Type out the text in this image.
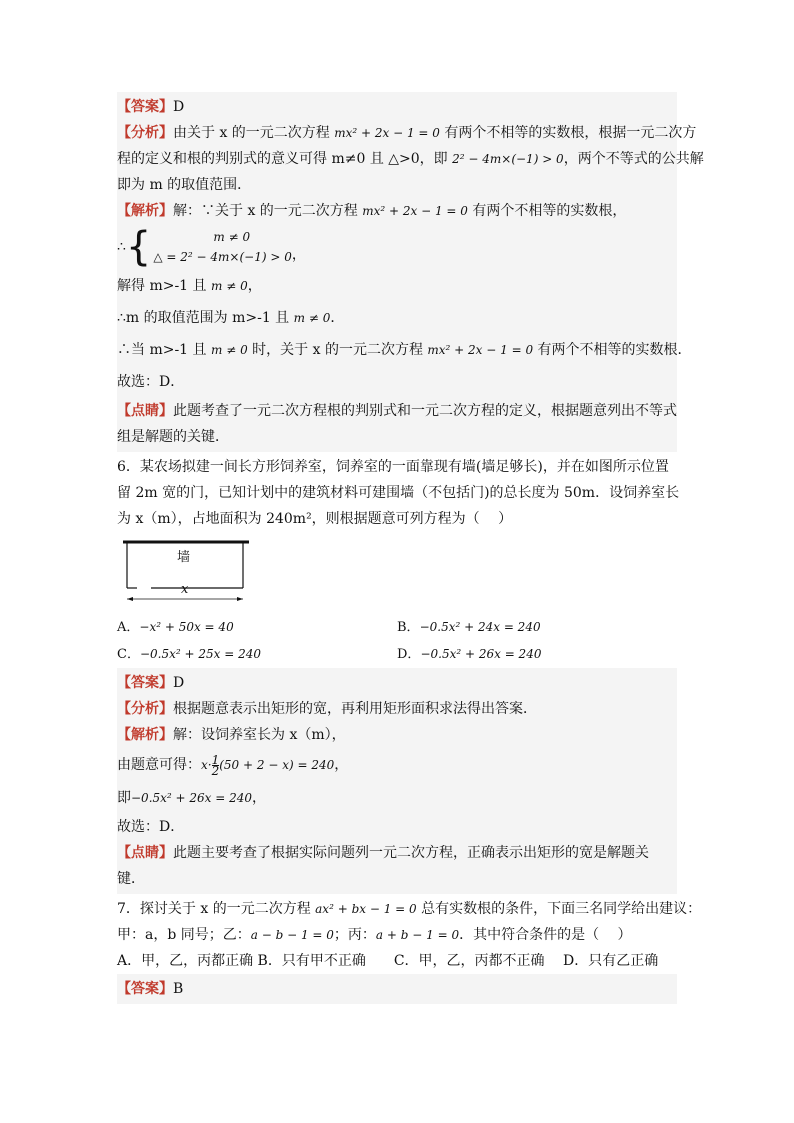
【答案】D

【分析】由关于 x 的一元二次方程 mx² + 2x − 1 = 0 有两个不相等的实数根，根据一元二次方

程的定义和根的判别式的意义可得 m≠0 且 △>0，即 2² − 4m×(−1) > 0，两个不等式的公共解

即为 m 的取值范围．

【解析】解：∵关于 x 的一元二次方程 mx² + 2x − 1 = 0 有两个不相等的实数根，

∴ {	m ≠ 0
△ = 2² − 4m×(−1) > 0 ，

解得 m>-1 且 m ≠ 0，

∴m 的取值范围为 m>-1 且 m ≠ 0．

∴当 m>-1 且 m ≠ 0 时，关于 x 的一元二次方程 mx² + 2x − 1 = 0 有两个不相等的实数根．

故选：D．

【点睛】此题考查了一元二次方程根的判别式和一元二次方程的定义，根据题意列出不等式

组是解题的关键．

6．某农场拟建一间长方形饲养室，饲养室的一面靠现有墙(墙足够长)，并在如图所示位置

留 2m 宽的门，已知计划中的建筑材料可建围墙（不包括门)的总长度为 50m．设饲养室长

为 x（m），占地面积为 240m²，则根据题意可列方程为（　 ）

墙
x
A．−x² + 50x = 40	B．−0.5x² + 24x = 240
C．−0.5x² + 25x = 240	D．−0.5x² + 26x = 240

【答案】D

【分析】根据题意表示出矩形的宽，再利用矩形面积求法得出答案．

【解析】解：设饲养室长为 x（m），

由题意可得：$x\cdot \frac{1}{2} (50 + 2 - x) = 240$，

即−0.5x² + 26x = 240，

故选：D．

【点睛】此题主要考查了根据实际问题列一元二次方程，正确表示出矩形的宽是解题关

键．

7．探讨关于 x 的一元二次方程 ax² + bx − 1 = 0 总有实数根的条件，下面三名同学给出建议：

甲：a，b 同号；乙：a − b − 1 = 0；丙：a + b − 1 = 0．其中符合条件的是（　 ）

A．甲，乙，丙都正确 B．只有甲不正确　　C．甲，乙，丙都不正确　 D．只有乙正确

【答案】B
